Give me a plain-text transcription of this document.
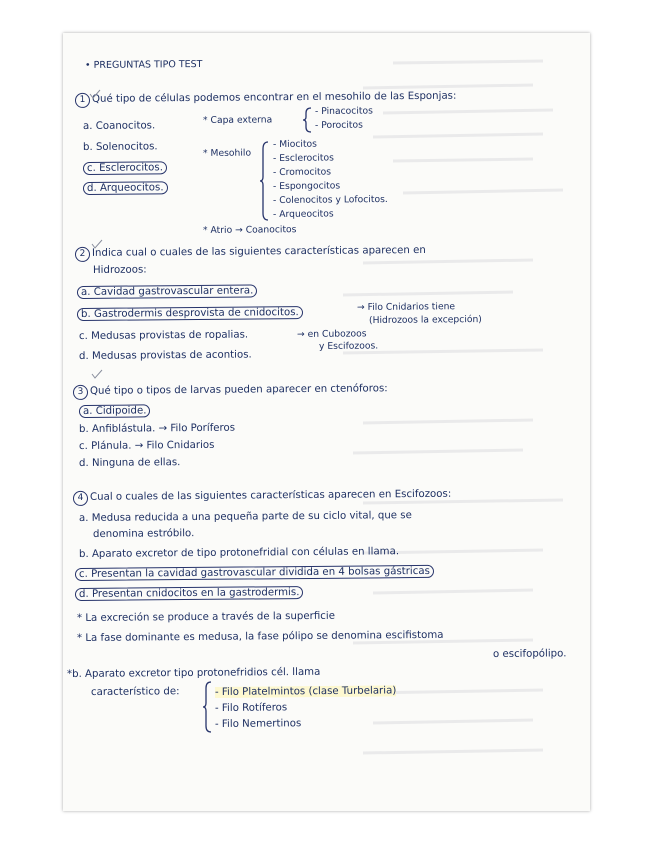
• PREGUNTAS TIPO TEST
1 Qué tipo de células podemos encontrar en el mesohilo de las Esponjas:
a. Coanocitos.
b. Solenocitos.
c. Esclerocitos.
d. Arqueocitos.
* Capa externa
- Pinacocitos
- Porocitos
* Mesohilo
- Miocitos
- Esclerocitos
- Cromocitos
- Espongocitos
- Colenocitos y Lofocitos.
- Arqueocitos
* Atrio → Coanocitos
2 Indica cual o cuales de las siguientes características aparecen en
Hidrozoos:
a. Cavidad gastrovascular entera.
b. Gastrodermis desprovista de cnidocitos.	→ Filo Cnidarios tiene
(Hidrozoos la excepción)
c. Medusas provistas de ropalias.	→ en Cubozoos
y Escifozoos.
d. Medusas provistas de acontios.
3 Qué tipo o tipos de larvas pueden aparecer en ctenóforos:
a. Cidipoide.
b. Anfiblástula. → Filo Poríferos
c. Plánula. → Filo Cnidarios
d. Ninguna de ellas.
4 Cual o cuales de las siguientes características aparecen en Escifozoos:
a. Medusa reducida a una pequeña parte de su ciclo vital, que se
denomina estróbilo.
b. Aparato excretor de tipo protonefridial con células en llama.
c. Presentan la cavidad gastrovascular dividida en 4 bolsas gástricas
d. Presentan cnidocitos en la gastrodermis.
* La excreción se produce a través de la superficie
* La fase dominante es medusa, la fase pólipo se denomina escifistoma
o escifopólipo.
*b. Aparato excretor tipo protonefridios cél. llama
característico de:	- Filo Platelmintos (clase Turbelaria)
- Filo Rotíferos
- Filo Nemertinos
